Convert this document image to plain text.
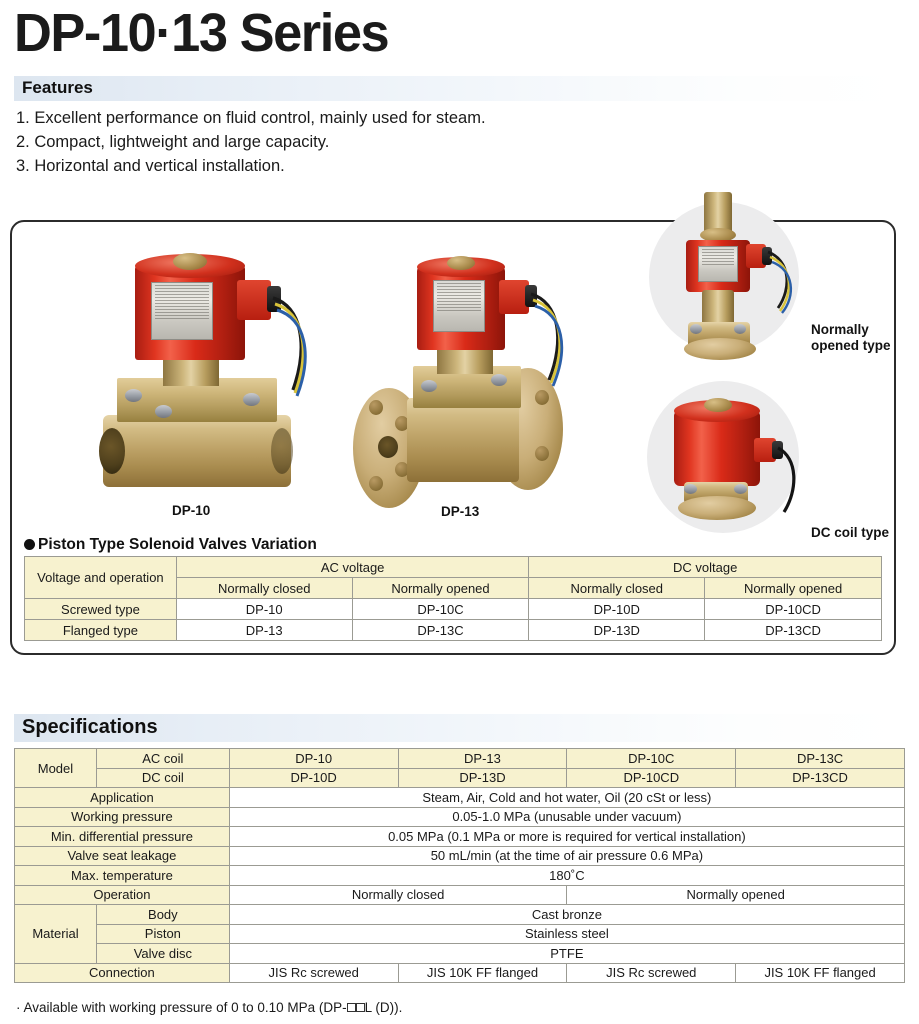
DP-10·13 Series
Features
1. Excellent performance on fluid control, mainly used for steam.
2. Compact, lightweight and large capacity.
3. Horizontal and vertical installation.
DP-10	DP-13
Normally
opened type
DC coil type
Piston Type Solenoid Valves Variation
Voltage and operation	AC voltage		DC voltage	
	Normally closed	Normally opened	Normally closed	Normally opened
Screwed type	DP-10	DP-10C	DP-10D	DP-10CD
Flanged type	DP-13	DP-13C	DP-13D	DP-13CD
Specifications
Model	AC coil	DP-10	DP-13	DP-10C	DP-13C
	DC coil	DP-10D	DP-13D	DP-10CD	DP-13CD
Application		Steam, Air, Cold and hot water, Oil (20 cSt or less)			
Working pressure		0.05-1.0 MPa (unusable under vacuum)			
Min. differential pressure		0.05 MPa (0.1 MPa or more is required for vertical installation)			
Valve seat leakage		50 mL/min (at the time of air pressure 0.6 MPa)			
Max. temperature		180˚C			
Operation		Normally closed		Normally opened	
Material	Body	Cast bronze			
	Piston	Stainless steel			
	Valve disc	PTFE			
Connection		JIS Rc screwed	JIS 10K FF flanged	JIS Rc screwed	JIS 10K FF flanged
· Available with working pressure of 0 to 0.10 MPa (DP- L (D)).
